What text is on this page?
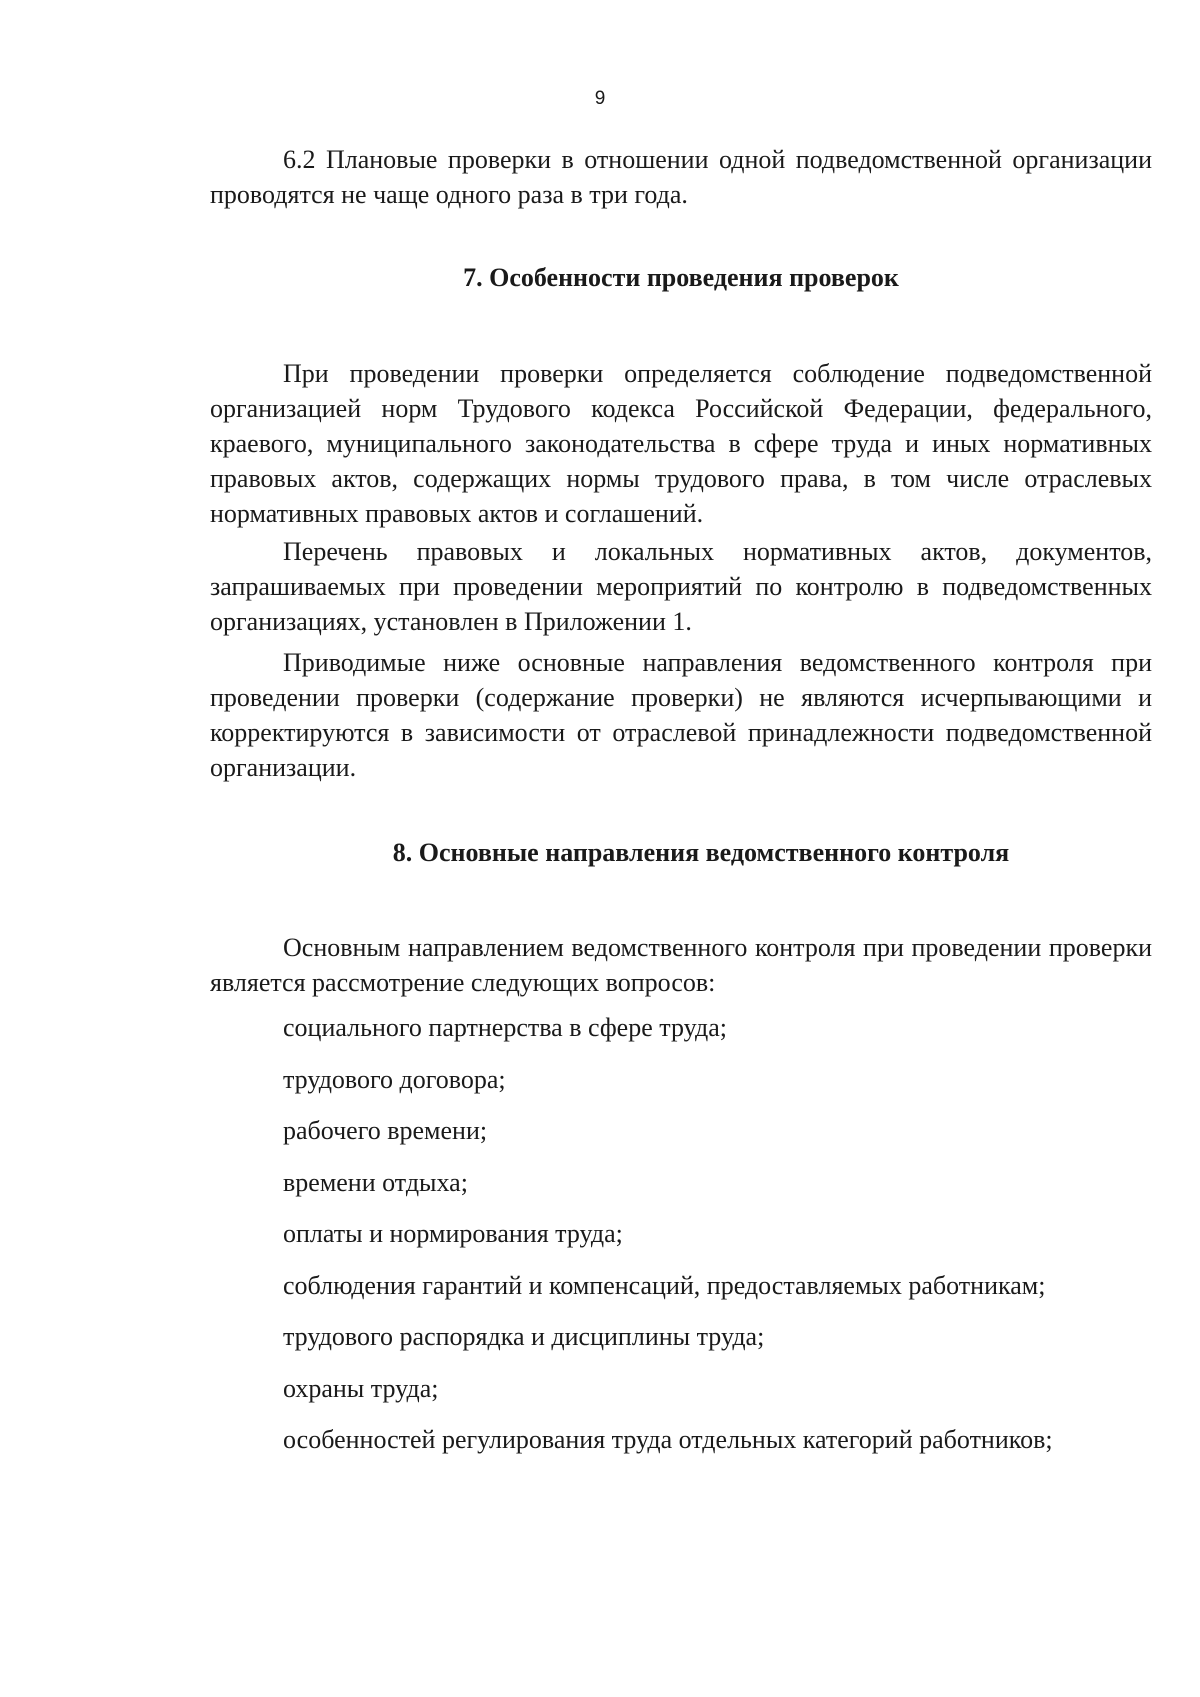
9

6.2 Плановые проверки в отношении одной подведомственной организации проводятся не чаще одного раза в три года.

7. Особенности проведения проверок

При проведении проверки определяется соблюдение подведомственной организацией норм Трудового кодекса Российской Федерации, федерального, краевого, муниципального законодательства в сфере труда и иных нормативных правовых актов, содержащих нормы трудового права, в том числе отраслевых нормативных правовых актов и соглашений.

Перечень правовых и локальных нормативных актов, документов, запрашиваемых при проведении мероприятий по контролю в подведомственных организациях, установлен в Приложении 1.

Приводимые ниже основные направления ведомственного контроля при проведении проверки (содержание проверки) не являются исчерпывающими и корректируются в зависимости от отраслевой принадлежности подведомственной организации.

8. Основные направления ведомственного контроля

Основным направлением ведомственного контроля при проведении проверки является рассмотрение следующих вопросов:

социального партнерства в сфере труда;
трудового договора;
рабочего времени;
времени отдыха;
оплаты и нормирования труда;
соблюдения гарантий и компенсаций, предоставляемых работникам;
трудового распорядка и дисциплины труда;
охраны труда;
особенностей регулирования труда отдельных категорий работников;
